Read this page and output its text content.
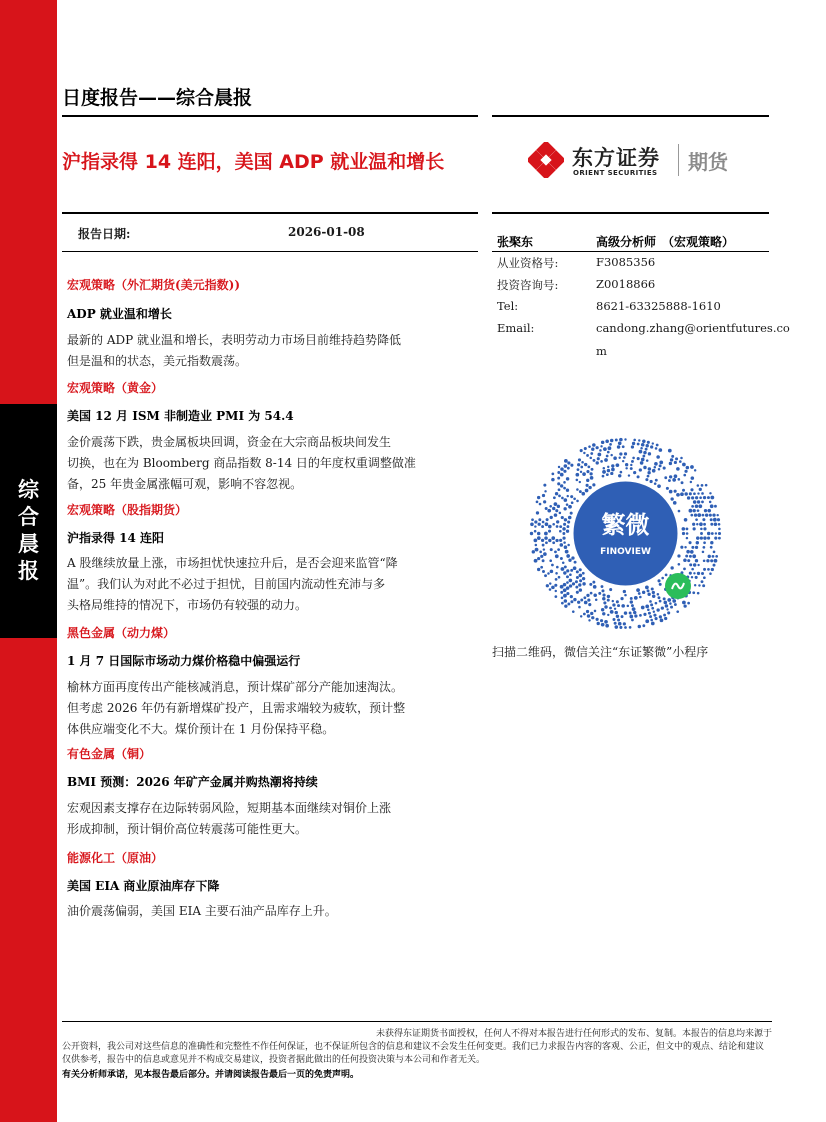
综
合
晨
报
日度报告——综合晨报
沪指录得 14 连阳，美国 ADP 就业温和增长	东方证券
ORIENT SECURITIES 期货
报告日期:	2026-01-08
宏观策略（外汇期货(美元指数))
ADP 就业温和增长
最新的 ADP 就业温和增长，表明劳动力市场目前维持趋势降低
但是温和的状态，美元指数震荡。
宏观策略（黄金）
美国 12 月 ISM 非制造业 PMI 为 54.4
金价震荡下跌，贵金属板块回调，资金在大宗商品板块间发生
切换，也在为 Bloomberg 商品指数 8-14 日的年度权重调整做准
备，25 年贵金属涨幅可观，影响不容忽视。
宏观策略（股指期货）
沪指录得 14 连阳
A 股继续放量上涨，市场担忧快速拉升后，是否会迎来监管“降
温”。我们认为对此不必过于担忧，目前国内流动性充沛与多
头格局维持的情况下，市场仍有较强的动力。
黑色金属（动力煤）
1 月 7 日国际市场动力煤价格稳中偏强运行
榆林方面再度传出产能核减消息，预计煤矿部分产能加速淘汰。
但考虑 2026 年仍有新增煤矿投产，且需求端较为疲软，预计整
体供应端变化不大。煤价预计在 1 月份保持平稳。
有色金属（铜）
BMI 预测：2026 年矿产金属并购热潮将持续
宏观因素支撑存在边际转弱风险，短期基本面继续对铜价上涨
形成抑制，预计铜价高位转震荡可能性更大。
能源化工（原油）
美国 EIA 商业原油库存下降
油价震荡偏弱，美国 EIA 主要石油产品库存上升。
张棸东	高级分析师　（宏观策略）
从业资格号:	F3085356
投资咨询号:	Z0018866
Tel:	8621-63325888-1610
Email:	candong.zhang@orientfutures.co
m
繁微
FINOVIEW
扫描二维码，微信关注“东证繁微”小程序
未获得东证期货书面授权，任何人不得对本报告进行任何形式的发布、复制。本报告的信息均来源于
公开资料，我公司对这些信息的准确性和完整性不作任何保证，也不保证所包含的信息和建议不会发生任何变更。我们已力求报告内容的客观、公正，但文中的观点、结论和建议仅供参考，报告中的信息或意见并不构成交易建议，投资者据此做出的任何投资决策与本公司和作者无关。
有关分析师承诺，见本报告最后部分。并请阅读报告最后一页的免责声明。
